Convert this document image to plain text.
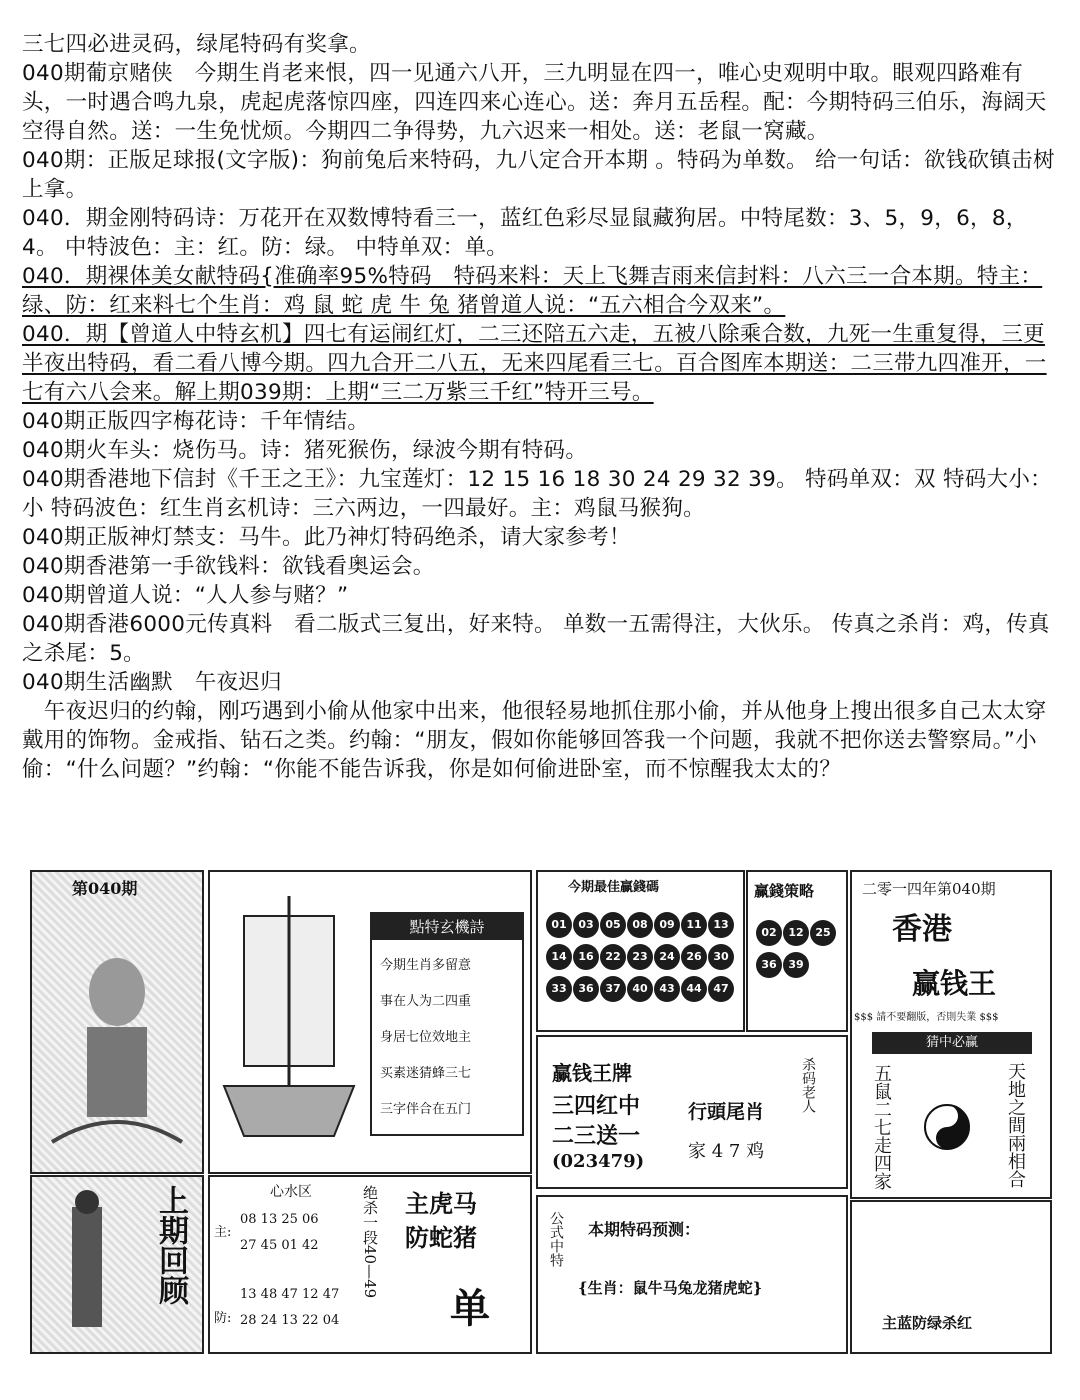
三七四必进灵码，绿尾特码有奖拿。

040期葡京赌侠　今期生肖老来恨，四一见通六八开，三九明显在四一，唯心史观明中取。眼观四路难有头，一时遇合鸣九泉，虎起虎落惊四座，四连四来心连心。送：奔月五岳程。配：今期特码三伯乐，海阔天空得自然。送：一生免忧烦。今期四二争得势，九六迟来一相处。送：老鼠一窝藏。

040期：正版足球报(文字版)：狗前兔后来特码，九八定合开本期 。特码为单数。 给一句话：欲钱砍镇击树上拿。

040．期金刚特码诗：万花开在双数博特看三一，蓝红色彩尽显鼠藏狗居。中特尾数：3、5，9，6，8，4。 中特波色：主：红。防：绿。 中特单双：单。

040．期裸体美女献特码{准确率95%特码　特码来料：天上飞舞吉雨来信封料：八六三一合本期。特主：绿、防：红来料七个生肖：鸡 鼠 蛇 虎 牛 兔 猪曾道人说：“五六相合今双来”。

040．期【曾道人中特玄机】四七有运闹红灯，二三还陪五六走，五被八除乘合数，九死一生重复得，三更半夜出特码，看二看八博今期。四九合开二八五，无来四尾看三七。百合图库本期送：二三带九四准开，一七有六八会来。解上期039期：上期“三二万紫三千红”特开三号。

040期正版四字梅花诗：千年情结。

040期火车头：烧伤马。诗：猪死猴伤，绿波今期有特码。

040期香港地下信封《千王之王》：九宝莲灯：12 15 16 18 30 24 29 32 39。 特码单双：双 特码大小：小 特码波色：红生肖玄机诗：三六两边，一四最好。主：鸡鼠马猴狗。

040期正版神灯禁支：马牛。此乃神灯特码绝杀，请大家参考！

040期香港第一手欲钱料：欲钱看奥运会。

040期曾道人说：“人人参与赌？”

040期香港6000元传真料　看二版式三复出，好来特。 单数一五需得注，大伙乐。 传真之杀肖：鸡，传真之杀尾：5。

040期生活幽默　午夜迟归

　午夜迟归的约翰，刚巧遇到小偷从他家中出来，他很轻易地抓住那小偷，并从他身上搜出很多自己太太穿戴用的饰物。金戒指、钻石之类。约翰：“朋友，假如你能够回答我一个问题，我就不把你送去警察局。”小偷：“什么问题？”约翰：“你能不能告诉我，你是如何偷进卧室，而不惊醒我太太的？

第040期
上期回顾
點特玄機詩
今期生肖多留意
事在人为二四重
身居七位效地主
买素迷猜蜂三七
三字伴合在五门
心水区
主:
08 13 25 06
27 45 01 42
防:
13 48 47 12 47
28 24 13 22 04
绝杀一段40—49 主虎马
防蛇猪
单
今期最佳贏錢碼
01	03	05	08	09	11	13
14	16	22	23	24	26	30
33	36	37	40	43	44	47
赢錢策略
02	12	25
36	39
赢钱王牌
三四红中
二三送一
(023479)
行頭尾肖
家 4 7 鸡
杀码老人
公式中特 本期特码预测：
{生肖：鼠牛马兔龙猪虎蛇}
二零一四年第040期
香港
赢钱王
$$$ 請不要翻版，否則失業 $$$
猜中必赢
五鼠二七走四家	天地之間兩相合
主蓝防绿杀红
